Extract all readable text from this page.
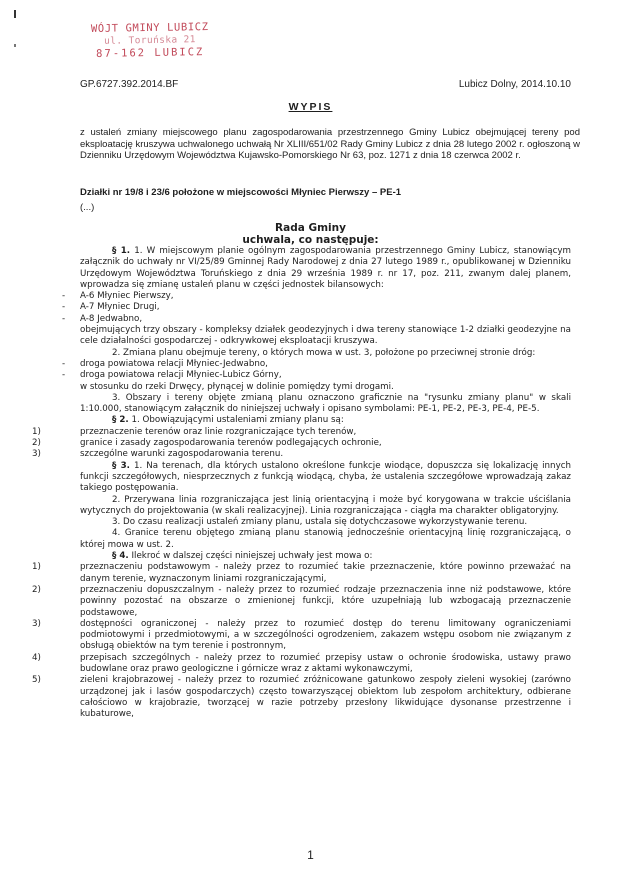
WÓJT GMINY LUBICZ
ul. Toruńska 21
87-162 LUBICZ
GP.6727.392.2014.BF	Lubicz Dolny, 2014.10.10
WYPIS
z ustaleń zmiany miejscowego planu zagospodarowania przestrzennego Gminy Lubicz obejmującej tereny pod eksploatację kruszywa uchwalonego uchwałą Nr XLIII/651/02 Rady Gminy Lubicz z dnia 28 lutego 2002 r. ogłoszoną w Dzienniku Urzędowym Województwa Kujawsko-Pomorskiego Nr 63, poz. 1271 z dnia 18 czerwca 2002 r.
Działki nr 19/8 i 23/6 położone w miejscowości Młyniec Pierwszy – PE-1
(...)
Rada Gminy
uchwala, co następuje:

§ 1. 1. W miejscowym planie ogólnym zagospodarowania przestrzennego Gminy Lubicz, stanowiącym załącznik do uchwały nr VI/25/89 Gminnej Rady Narodowej z dnia 27 lutego 1989 r., opublikowanej w Dzienniku Urzędowym Województwa Toruńskiego z dnia 29 września 1989 r. nr 17, poz. 211, zwanym dalej planem, wprowadza się zmianę ustaleń planu w części jednostek bilansowych:

- A-6 Młyniec Pierwszy,

- A-7 Młyniec Drugi,

- A-8 Jedwabno,

obejmujących trzy obszary - kompleksy działek geodezyjnych i dwa tereny stanowiące 1-2 działki geodezyjne na cele działalności gospodarczej - odkrywkowej eksploatacji kruszywa.

2. Zmiana planu obejmuje tereny, o których mowa w ust. 3, położone po przeciwnej stronie dróg:

- droga powiatowa relacji Młyniec-Jedwabno,

- droga powiatowa relacji Młyniec-Lubicz Górny,

w stosunku do rzeki Drwęcy, płynącej w dolinie pomiędzy tymi drogami.

3. Obszary i tereny objęte zmianą planu oznaczono graficznie na "rysunku zmiany planu" w skali 1:10.000, stanowiącym załącznik do niniejszej uchwały i opisano symbolami: PE-1, PE-2, PE-3, PE-4, PE-5.

§ 2. 1. Obowiązującymi ustaleniami zmiany planu są:

1)	przeznaczenie terenów oraz linie rozgraniczające tych terenów,

2)	granice i zasady zagospodarowania terenów podlegających ochronie,

3)	szczególne warunki zagospodarowania terenu.

§ 3. 1. Na terenach, dla których ustalono określone funkcje wiodące, dopuszcza się lokalizację innych funkcji szczegółowych, niesprzecznych z funkcją wiodącą, chyba, że ustalenia szczegółowe wprowadzają zakaz takiego postępowania.

2. Przerywana linia rozgraniczająca jest linią orientacyjną i może być korygowana w trakcie uściślania wytycznych do projektowania (w skali realizacyjnej). Linia rozgraniczająca - ciągła ma charakter obligatoryjny.

3. Do czasu realizacji ustaleń zmiany planu, ustala się dotychczasowe wykorzystywanie terenu.

4. Granice terenu objętego zmianą planu stanowią jednocześnie orientacyjną linię rozgraniczającą, o której mowa w ust. 2.

§ 4. Ilekroć w dalszej części niniejszej uchwały jest mowa o:

1)	przeznaczeniu podstawowym - należy przez to rozumieć takie przeznaczenie, które powinno przeważać na danym terenie, wyznaczonym liniami rozgraniczającymi,

2)	przeznaczeniu dopuszczalnym - należy przez to rozumieć rodzaje przeznaczenia inne niż podstawowe, które powinny pozostać na obszarze o zmienionej funkcji, które uzupełniają lub wzbogacają przeznaczenie podstawowe,

3)	dostępności ograniczonej - należy przez to rozumieć dostęp do terenu limitowany ograniczeniami podmiotowymi i przedmiotowymi, a w szczególności ogrodzeniem, zakazem wstępu osobom nie związanym z obsługą obiektów na tym terenie i postronnym,

4)	przepisach szczególnych - należy przez to rozumieć przepisy ustaw o ochronie środowiska, ustawy prawo budowlane oraz prawo geologiczne i górnicze wraz z aktami wykonawczymi,

5)	zieleni krajobrazowej - należy przez to rozumieć zróżnicowane gatunkowo zespoły zieleni wysokiej (zarówno urządzonej jak i lasów gospodarczych) często towarzyszącej obiektom lub zespołom architektury, odbierane całościowo w krajobrazie, tworzącej w razie potrzeby przesłony likwidujące dysonanse przestrzenne i kubaturowe,

1
